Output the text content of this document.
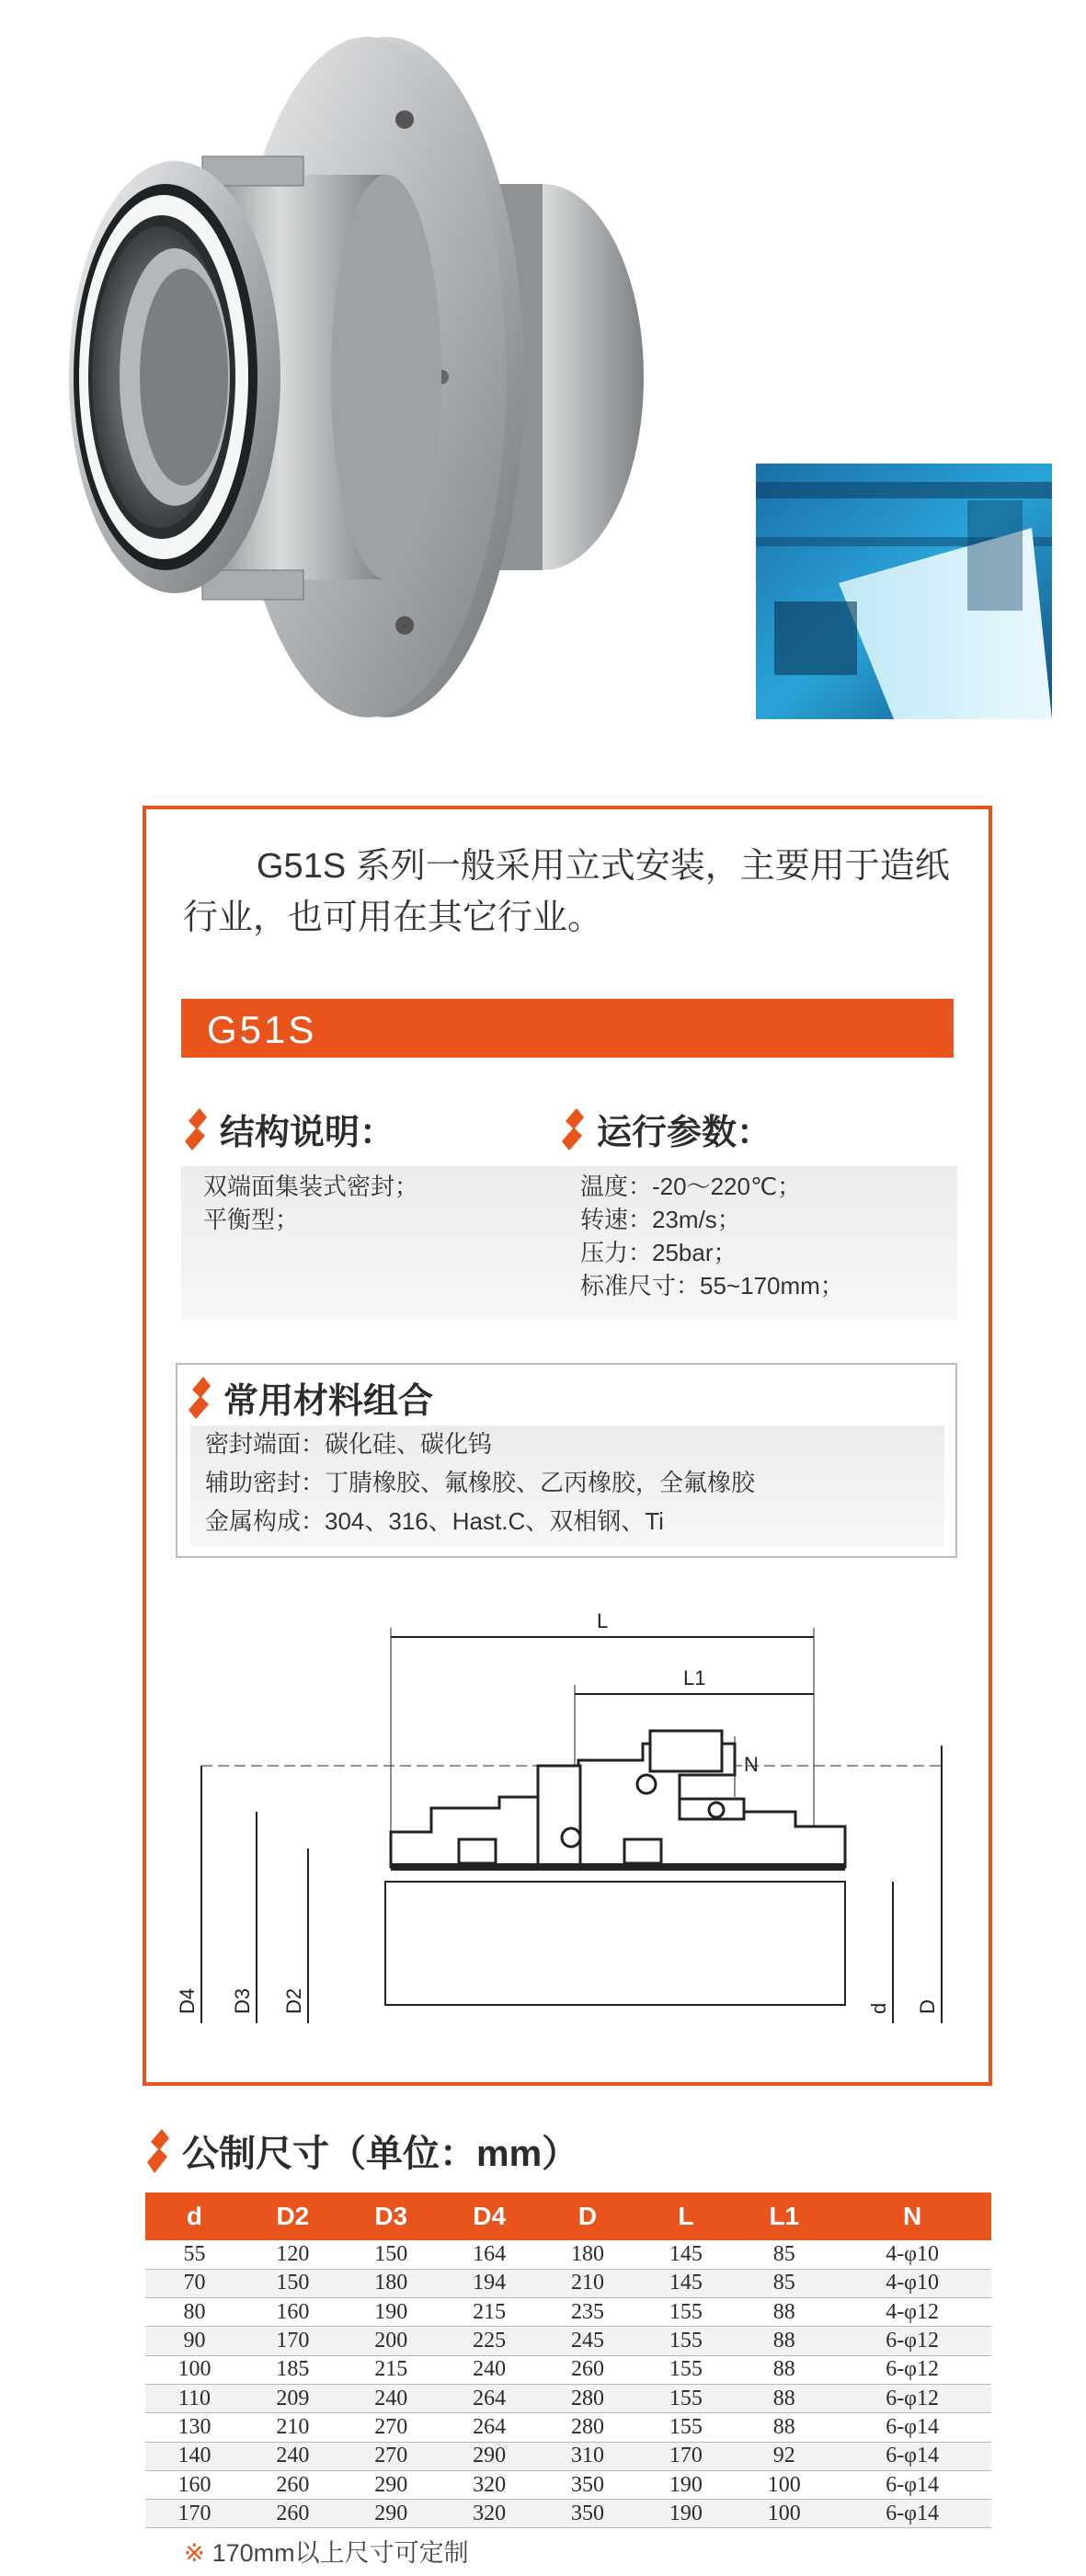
G51S 系列一般采用立式安装，主要用于造纸行业，也可用在其它行业。

G51S
结构说明：
双端面集装式密封；
平衡型；
运行参数：
温度：-20～220℃；
转速：23m/s；
压力：25bar；
标准尺寸：55~170mm；
常用材料组合
密封端面：碳化硅、碳化钨
辅助密封：丁腈橡胶、氟橡胶、乙丙橡胶，全氟橡胶
金属构成：304、316、Hast.C、双相钢、Ti
L
L1
N
D4 D3 D2	d D
公制尺寸（单位：mm）
d	D2	D3	D4	D	L	L1	N
55	120	150	164	180	145	85	4-φ10
70	150	180	194	210	145	85	4-φ10
80	160	190	215	235	155	88	4-φ12
90	170	200	225	245	155	88	6-φ12
100	185	215	240	260	155	88	6-φ12
110	209	240	264	280	155	88	6-φ12
130	210	270	264	280	155	88	6-φ14
140	240	270	290	310	170	92	6-φ14
160	260	290	320	350	190	100	6-φ14
170	260	290	320	350	190	100	6-φ14
※ 170mm以上尺寸可定制
